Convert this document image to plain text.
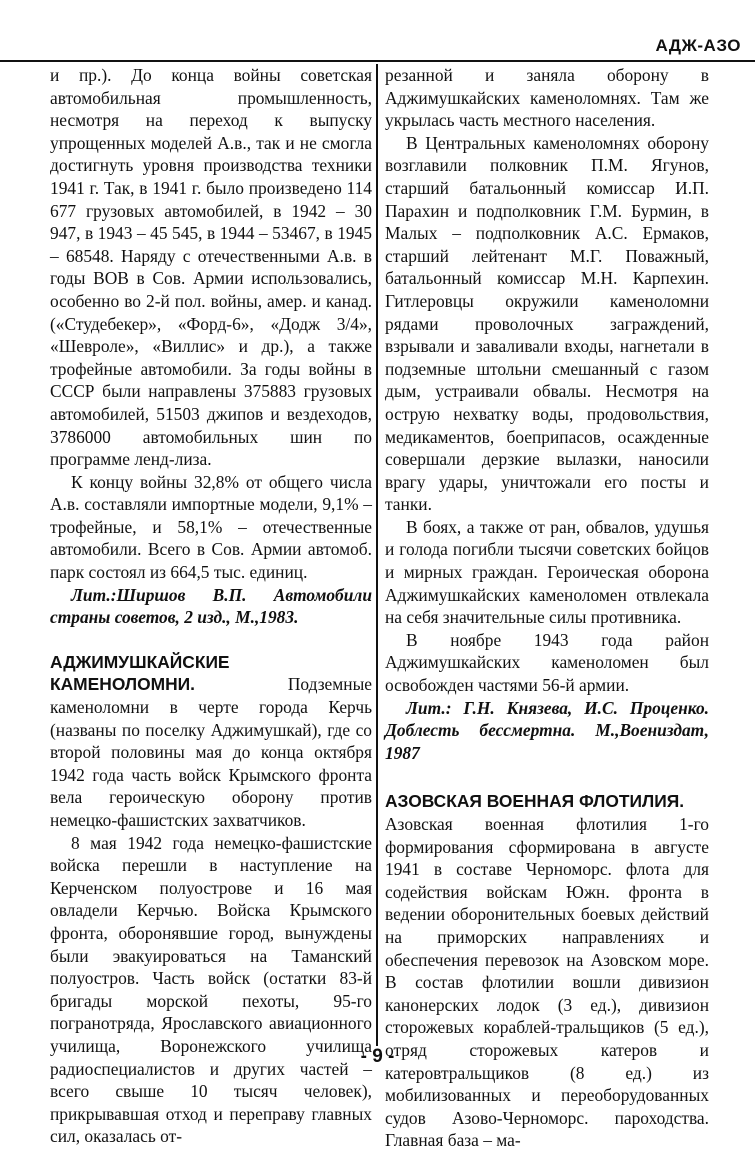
АДЖ-АЗО

и пр.). До конца войны советская автомобильная промышленность, несмотря на переход к выпуску упрощенных моделей А.в., так и не смогла достигнуть уровня производства техники 1941 г. Так, в 1941 г. было произведено 114 677 грузовых автомобилей, в 1942 – 30 947, в 1943 – 45 545, в 1944 – 53467, в 1945 – 68548. Наряду с отечественными А.в. в годы ВОВ в Сов. Армии использовались, особенно во 2-й пол. войны, амер. и канад. («Студебекер», «Форд-6», «Додж 3/4», «Шевроле», «Виллис» и др.), а также трофейные автомобили. За годы войны в СССР были направлены 375883 грузовых автомобилей, 51503 джипов и вездеходов, 3786000 автомобильных шин по программе ленд-лиза.

К концу войны 32,8% от общего числа А.в. составляли импортные модели, 9,1% – трофейные, и 58,1% – отечественные автомобили. Всего в Сов. Армии автомоб. парк состоял из 664,5 тыс. единиц.

Лит.:Ширшов В.П. Автомобили страны советов, 2 изд., М.,1983.

АДЖИМУШКАЙСКИЕ КАМЕНОЛОМНИ.	Подземные каменоломни в черте города Керчь (названы по поселку Аджимушкай), где со второй половины мая до конца октября 1942 года часть войск Крымского фронта вела героическую оборону против немецко-фашистских захватчиков.

8 мая 1942 года немецко-фашистские войска перешли в наступление на Керченском полуострове и 16 мая овладели Керчью. Войска Крымского фронта, оборонявшие город, вынуждены были эвакуироваться на Таманский полуостров. Часть войск (остатки 83-й бригады морской пехоты, 95-го погранотряда, Ярославского авиационного училища, Воронежского училища радиоспециалистов и других частей – всего свыше 10 тысяч человек), прикрывавшая отход и переправу главных сил, оказалась от-

резанной и заняла оборону в Аджимушкайских каменоломнях. Там же укрылась часть местного населения.

В Центральных каменоломнях оборону возглавили полковник П.М. Ягунов, старший батальонный комиссар И.П. Парахин и подполковник Г.М. Бурмин, в Малых – подполковник А.С. Ермаков, старший лейтенант М.Г. Поважный, батальонный комиссар М.Н. Карпехин. Гитлеровцы окружили каменоломни рядами проволочных заграждений, взрывали и заваливали входы, нагнетали в подземные штольни смешанный с газом дым, устраивали обвалы. Несмотря на острую нехватку воды, продовольствия, медикаментов, боеприпасов, осажденные совершали дерзкие вылазки, наносили врагу удары, уничтожали его посты и танки.

В боях, а также от ран, обвалов, удушья и голода погибли тысячи советских бойцов и мирных граждан. Героическая оборона Аджимушкайских каменоломен отвлекала на себя значительные силы противника.

В ноябре 1943 года район Аджимушкайских каменоломен был освобожден частями 56-й армии.

Лит.: Г.Н. Князева, И.С. Проценко. Доблесть бессмертна. М.,Воениздат, 1987

АЗОВСКАЯ ВОЕННАЯ ФЛОТИЛИЯ.

Азовская военная флотилия 1-го формирования сформирована в августе 1941 в составе Черноморс. флота для содействия войскам Южн. фронта в ведении оборонительных боевых действий на приморских направлениях и обеспечения перевозок на Азовском море. В состав флотилии вошли дивизион канонерских лодок (3 ед.), дивизион сторожевых кораблей-тральщиков (5 ед.), отряд сторожевых катеров и катеровтральщиков (8 ед.) из мобилизованных и переоборудованных судов Азово-Черноморс. пароходства. Главная база – ма-

- 9 -
